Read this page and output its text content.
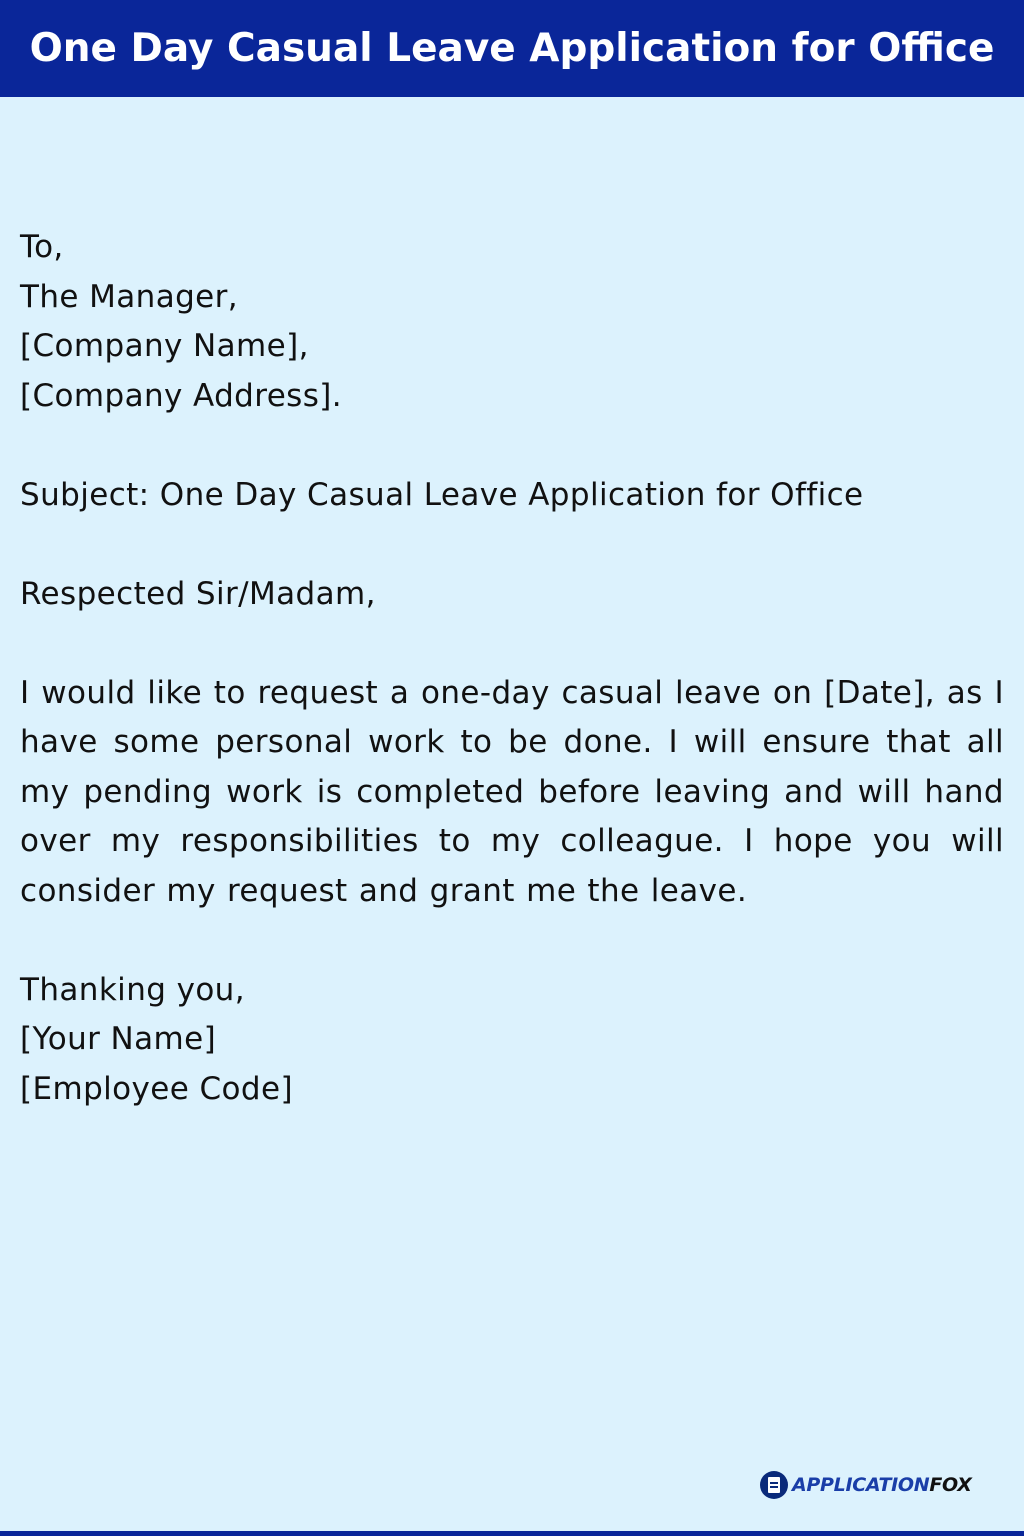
One Day Casual Leave Application for Office
To,
The Manager,
[Company Name],
[Company Address].
Subject: One Day Casual Leave Application for Office
Respected Sir/Madam,
I would like to request a one-day casual leave on [Date], as I have some personal work to be done. I will ensure that all my pending work is completed before leaving and will hand over my responsibilities to my colleague. I hope you will consider my request and grant me the leave.
Thanking you,
[Your Name]
[Employee Code]
APPLICATIONFOX
